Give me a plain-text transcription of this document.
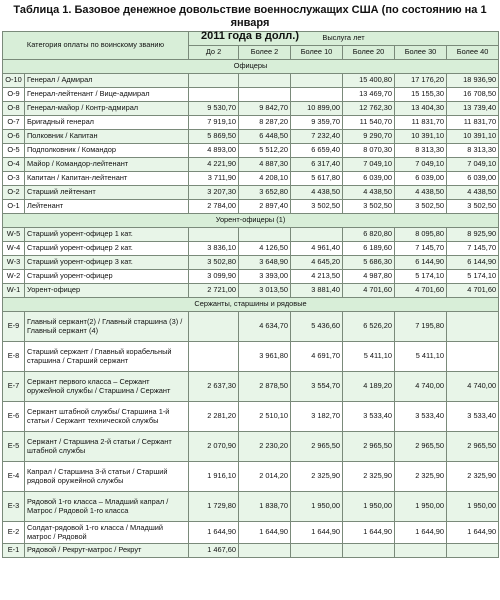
Таблица 1. Базовое денежное довольствие военнослужащих США (по состоянию на 1 января
2011 года в долл.)
Категория оплаты по воинскому званию		Выслуга лет					
		До 2	Более 2	Более 10	Более 20	Более 30	Более 40
Офицеры							
O-10	Генерал / Адмирал				15 400,80	17 176,20	18 936,90
O-9	Генерал-лейтенант / Вице-адмирал				13 469,70	15 155,30	16 708,50
O-8	Генерал-майор / Контр-адмирал	9 530,70	9 842,70	10 899,00	12 762,30	13 404,30	13 739,40
O-7	Бригадный генерал	7 919,10	8 287,20	9 359,70	11 540,70	11 831,70	11 831,70
O-6	Полковник / Капитан	5 869,50	6 448,50	7 232,40	9 290,70	10 391,10	10 391,10
O-5	Подполковник / Командор	4 893,00	5 512,20	6 659,40	8 070,30	8 313,30	8 313,30
O-4	Майор / Командор-лейтенант	4 221,90	4 887,30	6 317,40	7 049,10	7 049,10	7 049,10
O-3	Капитан / Капитан-лейтенант	3 711,90	4 208,10	5 617,80	6 039,00	6 039,00	6 039,00
O-2	Старший лейтенант	3 207,30	3 652,80	4 438,50	4 438,50	4 438,50	4 438,50
O-1	Лейтенант	2 784,00	2 897,40	3 502,50	3 502,50	3 502,50	3 502,50
Уорент-офицеры (1)							
W-5	Старший уорент-офицер 1 кат.				6 820,80	8 095,80	8 925,90
W-4	Старший уорент-офицер 2 кат.	3 836,10	4 126,50	4 961,40	6 189,60	7 145,70	7 145,70
W-3	Старший уорент-офицер 3 кат.	3 502,80	3 648,90	4 645,20	5 686,30	6 144,90	6 144,90
W-2	Старший уорент-офицер	3 099,90	3 393,00	4 213,50	4 987,80	5 174,10	5 174,10
W-1	Уорент-офицер	2 721,00	3 013,50	3 881,40	4 701,60	4 701,60	4 701,60
Сержанты, старшины и рядовые							
E-9	Главный сержант(2) / Главный старшина (3) / Главный сержант (4)		4 634,70	5 436,60	6 526,20	7 195,80	
E-8	Старший сержант / Главный корабельный старшина / Старший сержант		3 961,80	4 691,70	5 411,10	5 411,10	
E-7	Сержант первого класса – Сержант оружейной службы / Старшина / Сержант	2 637,30	2 878,50	3 554,70	4 189,20	4 740,00	4 740,00
E-6	Сержант штабной службы/ Старшина 1-й статьи / Сержант технической службы	2 281,20	2 510,10	3 182,70	3 533,40	3 533,40	3 533,40
E-5	Сержант / Старшина 2-й статьи / Сержант штабной службы	2 070,90	2 230,20	2 965,50	2 965,50	2 965,50	2 965,50
E-4	Капрал / Старшина 3-й статьи / Старший рядовой оружейной службы	1 916,10	2 014,20	2 325,90	2 325,90	2 325,90	2 325,90
E-3	Рядовой 1-го класса – Младший капрал / Матрос / Рядовой 1-го класса	1 729,80	1 838,70	1 950,00	1 950,00	1 950,00	1 950,00
E-2	Солдат-рядовой 1-го класса / Младший матрос / Рядовой	1 644,90	1 644,90	1 644,90	1 644,90	1 644,90	1 644,90
E-1	Рядовой / Рекрут-матрос / Рекрут	1 467,60					
